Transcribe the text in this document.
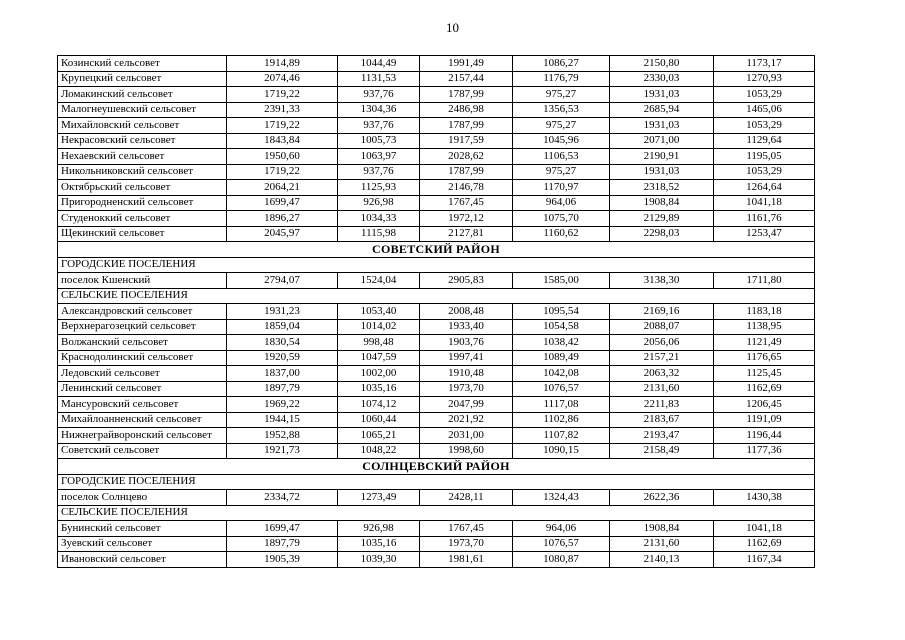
10
Козинский сельсовет	1914,89	1044,49	1991,49	1086,27	2150,80	1173,17
Крупецкий сельсовет	2074,46	1131,53	2157,44	1176,79	2330,03	1270,93
Ломакинский сельсовет	1719,22	937,76	1787,99	975,27	1931,03	1053,29
Малогнеушевский сельсовет	2391,33	1304,36	2486,98	1356,53	2685,94	1465,06
Михайловский сельсовет	1719,22	937,76	1787,99	975,27	1931,03	1053,29
Некрасовский сельсовет	1843,84	1005,73	1917,59	1045,96	2071,00	1129,64
Нехаевский сельсовет	1950,60	1063,97	2028,62	1106,53	2190,91	1195,05
Никольниковский сельсовет	1719,22	937,76	1787,99	975,27	1931,03	1053,29
Октябрьский сельсовет	2064,21	1125,93	2146,78	1170,97	2318,52	1264,64
Пригородненский сельсовет	1699,47	926,98	1767,45	964,06	1908,84	1041,18
Студеноккий сельсовет	1896,27	1034,33	1972,12	1075,70	2129,89	1161,76
Щекинский сельсовет	2045,97	1115,98	2127,81	1160,62	2298,03	1253,47
СОВЕТСКИЙ РАЙОН						
ГОРОДСКИЕ ПОСЕЛЕНИЯ						
поселок Кшенский	2794,07	1524,04	2905,83	1585,00	3138,30	1711,80
СЕЛЬСКИЕ ПОСЕЛЕНИЯ						
Александровский сельсовет	1931,23	1053,40	2008,48	1095,54	2169,16	1183,18
Верхнерагозецкий сельсовет	1859,04	1014,02	1933,40	1054,58	2088,07	1138,95
Волжанский сельсовет	1830,54	998,48	1903,76	1038,42	2056,06	1121,49
Краснодолинский сельсовет	1920,59	1047,59	1997,41	1089,49	2157,21	1176,65
Ледовский сельсовет	1837,00	1002,00	1910,48	1042,08	2063,32	1125,45
Ленинский сельсовет	1897,79	1035,16	1973,70	1076,57	2131,60	1162,69
Мансуровский сельсовет	1969,22	1074,12	2047,99	1117,08	2211,83	1206,45
Михайлоанненский сельсовет	1944,15	1060,44	2021,92	1102,86	2183,67	1191,09
Нижнеграйворонский сельсовет	1952,88	1065,21	2031,00	1107,82	2193,47	1196,44
Советский сельсовет	1921,73	1048,22	1998,60	1090,15	2158,49	1177,36
СОЛНЦЕВСКИЙ РАЙОН						
ГОРОДСКИЕ ПОСЕЛЕНИЯ						
поселок Солнцево	2334,72	1273,49	2428,11	1324,43	2622,36	1430,38
СЕЛЬСКИЕ ПОСЕЛЕНИЯ						
Бунинский сельсовет	1699,47	926,98	1767,45	964,06	1908,84	1041,18
Зуевский сельсовет	1897,79	1035,16	1973,70	1076,57	2131,60	1162,69
Ивановский сельсовет	1905,39	1039,30	1981,61	1080,87	2140,13	1167,34
